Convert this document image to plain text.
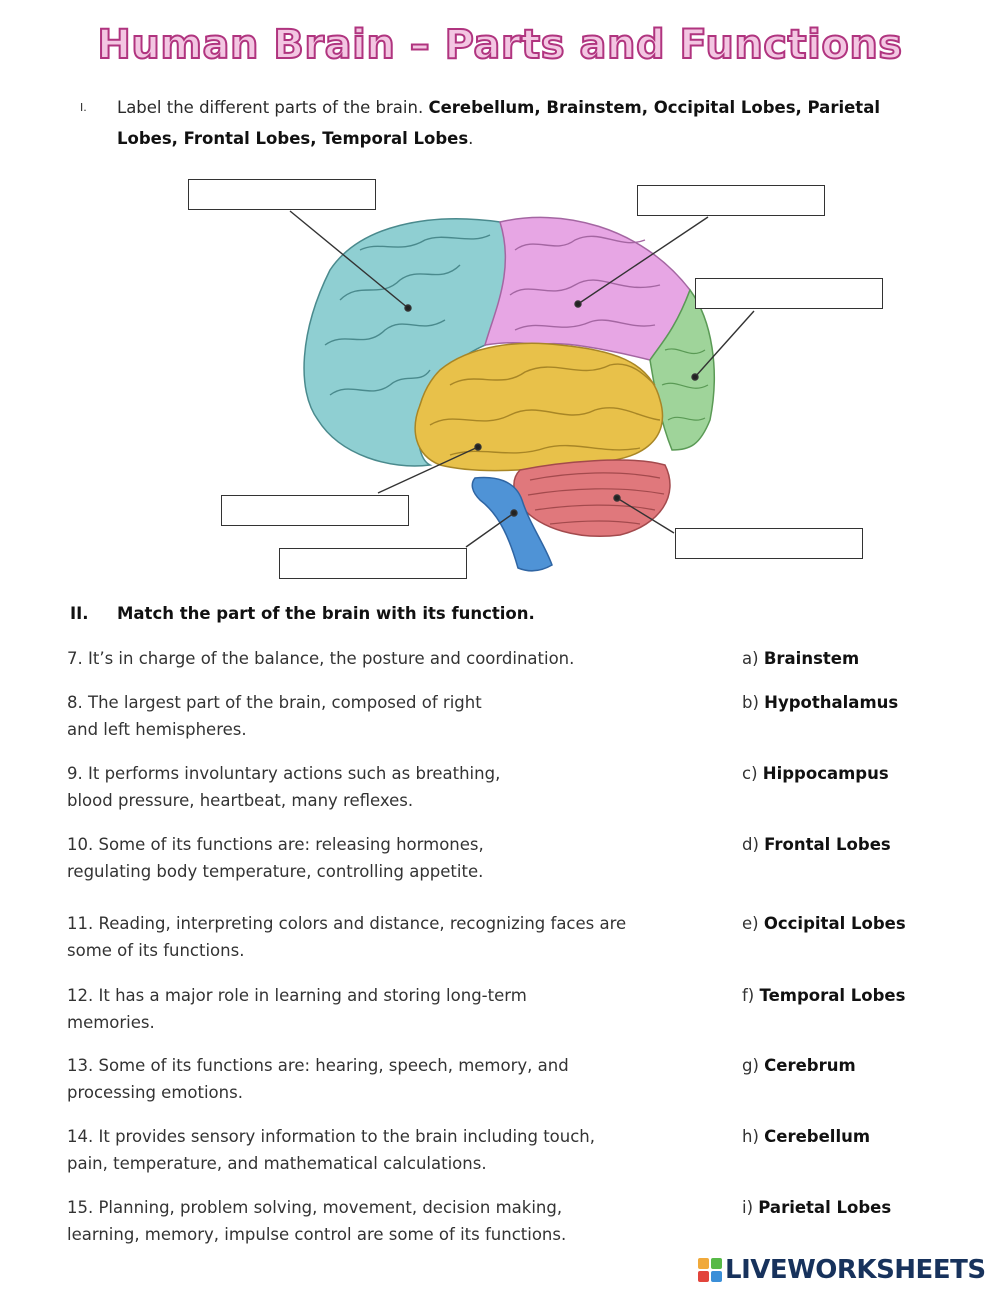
Human Brain – Parts and Functions
I. Label the different parts of the brain. Cerebellum, Brainstem, Occipital Lobes, Parietal Lobes, Frontal Lobes, Temporal Lobes.
II. Match the part of the brain with its function.
7. It’s in charge of the balance, the posture and coordination.
8. The largest part of the brain, composed of right and left hemispheres.
9. It performs involuntary actions such as breathing, blood pressure, heartbeat, many reflexes.
10. Some of its functions are: releasing hormones, regulating body temperature, controlling appetite.
11. Reading, interpreting colors and distance, recognizing faces are some of its functions.
12. It has a major role in learning and storing long-term memories.
13. Some of its functions are: hearing, speech, memory, and processing emotions.
14. It provides sensory information to the brain including touch, pain, temperature, and mathematical calculations.
15. Planning, problem solving, movement, decision making, learning, memory, impulse control are some of its functions.
a) Brainstem
b) Hypothalamus
c) Hippocampus
d) Frontal Lobes
e) Occipital Lobes
f) Temporal Lobes
g) Cerebrum
h) Cerebellum
i) Parietal Lobes
LIVEWORKSHEETS
